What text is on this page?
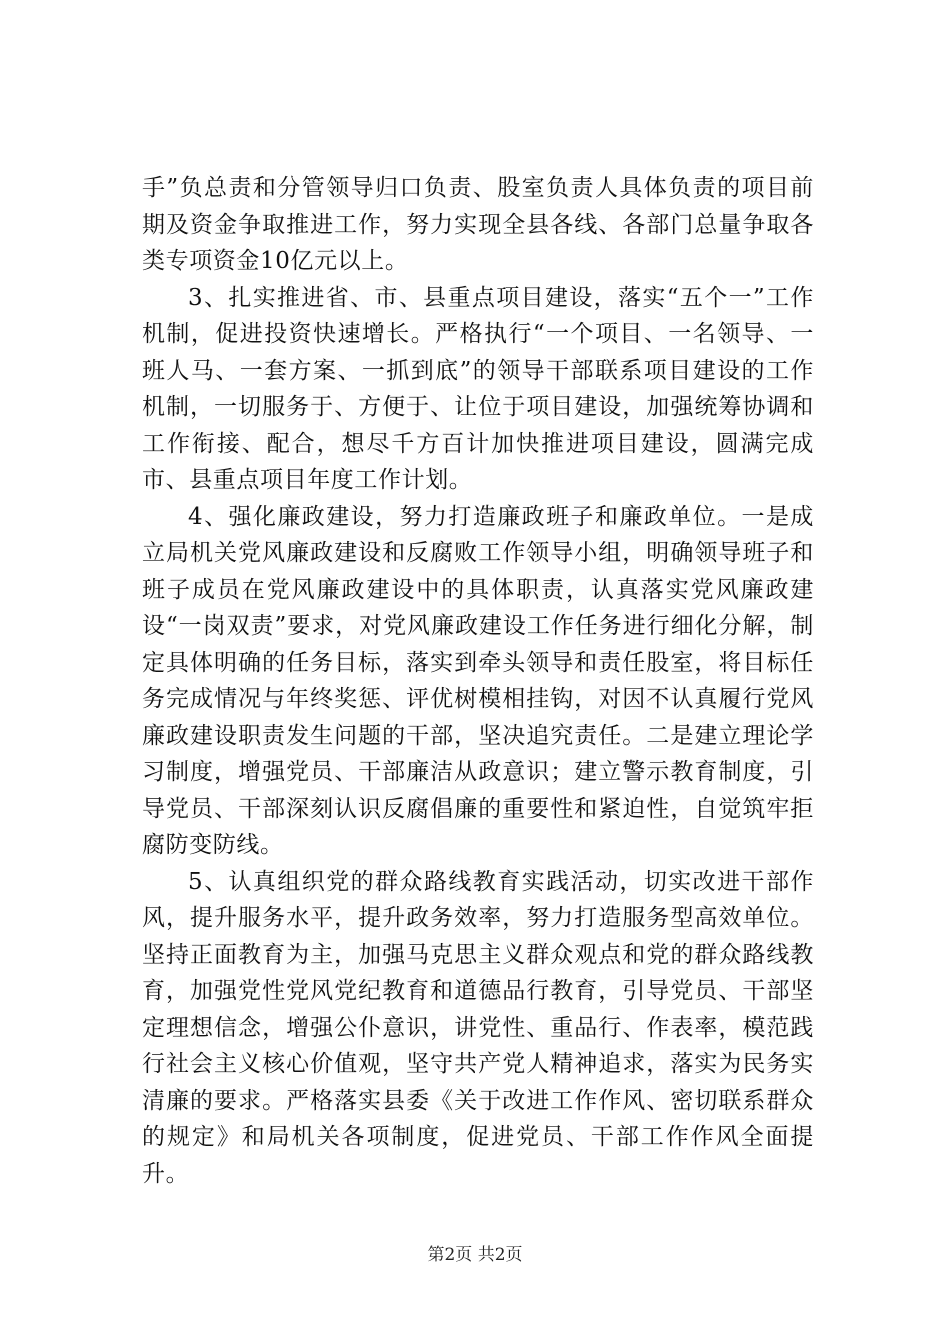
手”负总责和分管领导归口负责、股室负责人具体负责的项目前期及资金争取推进工作，努力实现全县各线、各部门总量争取各类专项资金10亿元以上。

3、扎实推进省、市、县重点项目建设，落实“五个一”工作机制，促进投资快速增长。严格执行“一个项目、一名领导、一班人马、一套方案、一抓到底”的领导干部联系项目建设的工作机制，一切服务于、方便于、让位于项目建设，加强统筹协调和工作衔接、配合，想尽千方百计加快推进项目建设，圆满完成市、县重点项目年度工作计划。

4、强化廉政建设，努力打造廉政班子和廉政单位。一是成立局机关党风廉政建设和反腐败工作领导小组，明确领导班子和班子成员在党风廉政建设中的具体职责，认真落实党风廉政建设“一岗双责”要求，对党风廉政建设工作任务进行细化分解，制定具体明确的任务目标，落实到牵头领导和责任股室，将目标任务完成情况与年终奖惩、评优树模相挂钩，对因不认真履行党风廉政建设职责发生问题的干部，坚决追究责任。二是建立理论学习制度，增强党员、干部廉洁从政意识；建立警示教育制度，引导党员、干部深刻认识反腐倡廉的重要性和紧迫性，自觉筑牢拒腐防变防线。

5、认真组织党的群众路线教育实践活动，切实改进干部作风，提升服务水平，提升政务效率，努力打造服务型高效单位。坚持正面教育为主，加强马克思主义群众观点和党的群众路线教育，加强党性党风党纪教育和道德品行教育，引导党员、干部坚定理想信念，增强公仆意识，讲党性、重品行、作表率，模范践行社会主义核心价值观，坚守共产党人精神追求，落实为民务实清廉的要求。严格落实县委《关于改进工作作风、密切联系群众的规定》和局机关各项制度，促进党员、干部工作作风全面提升。

第2页 共2页
